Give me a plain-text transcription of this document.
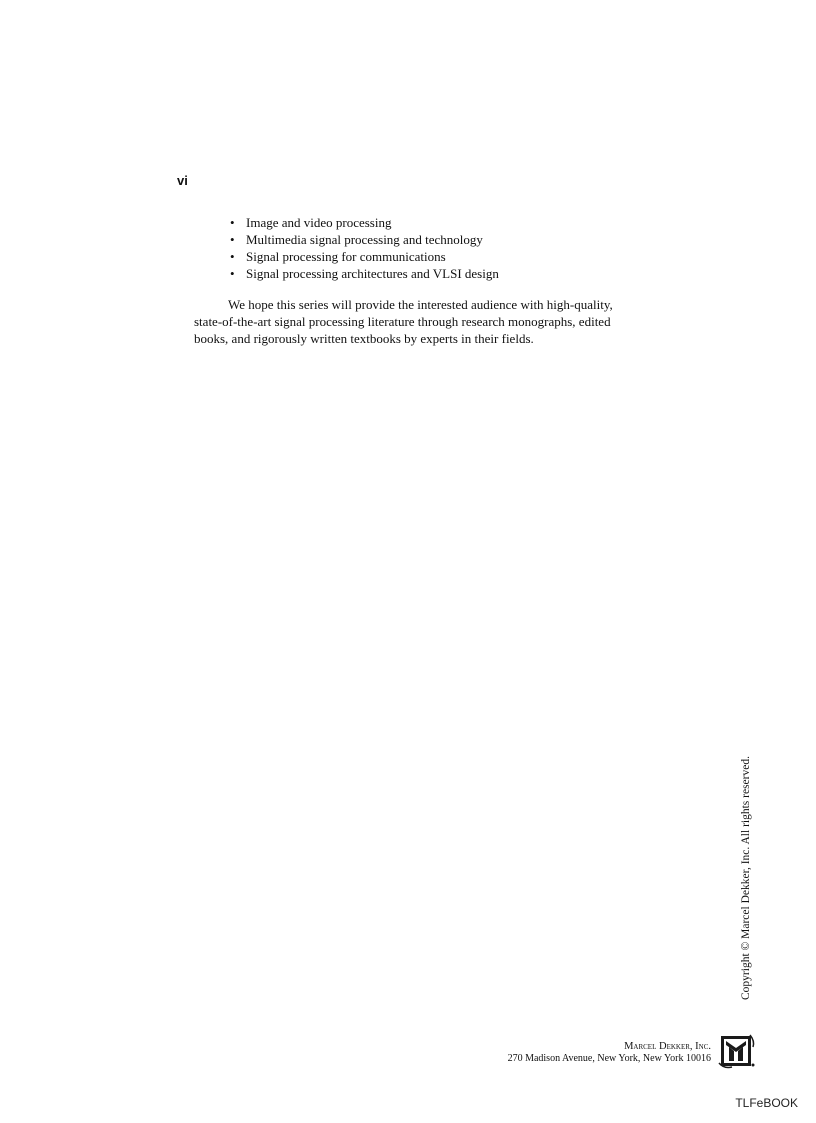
vi
• Image and video processing
• Multimedia signal processing and technology
• Signal processing for communications
• Signal processing architectures and VLSI design

We hope this series will provide the interested audience with high-quality,
state-of-the-art signal processing literature through research monographs, edited
books, and rigorously written textbooks by experts in their fields.

Copyright © Marcel Dekker, Inc. All rights reserved.
Marcel Dekker, Inc.
270 Madison Avenue, New York, New York 10016
TLFeBOOK
